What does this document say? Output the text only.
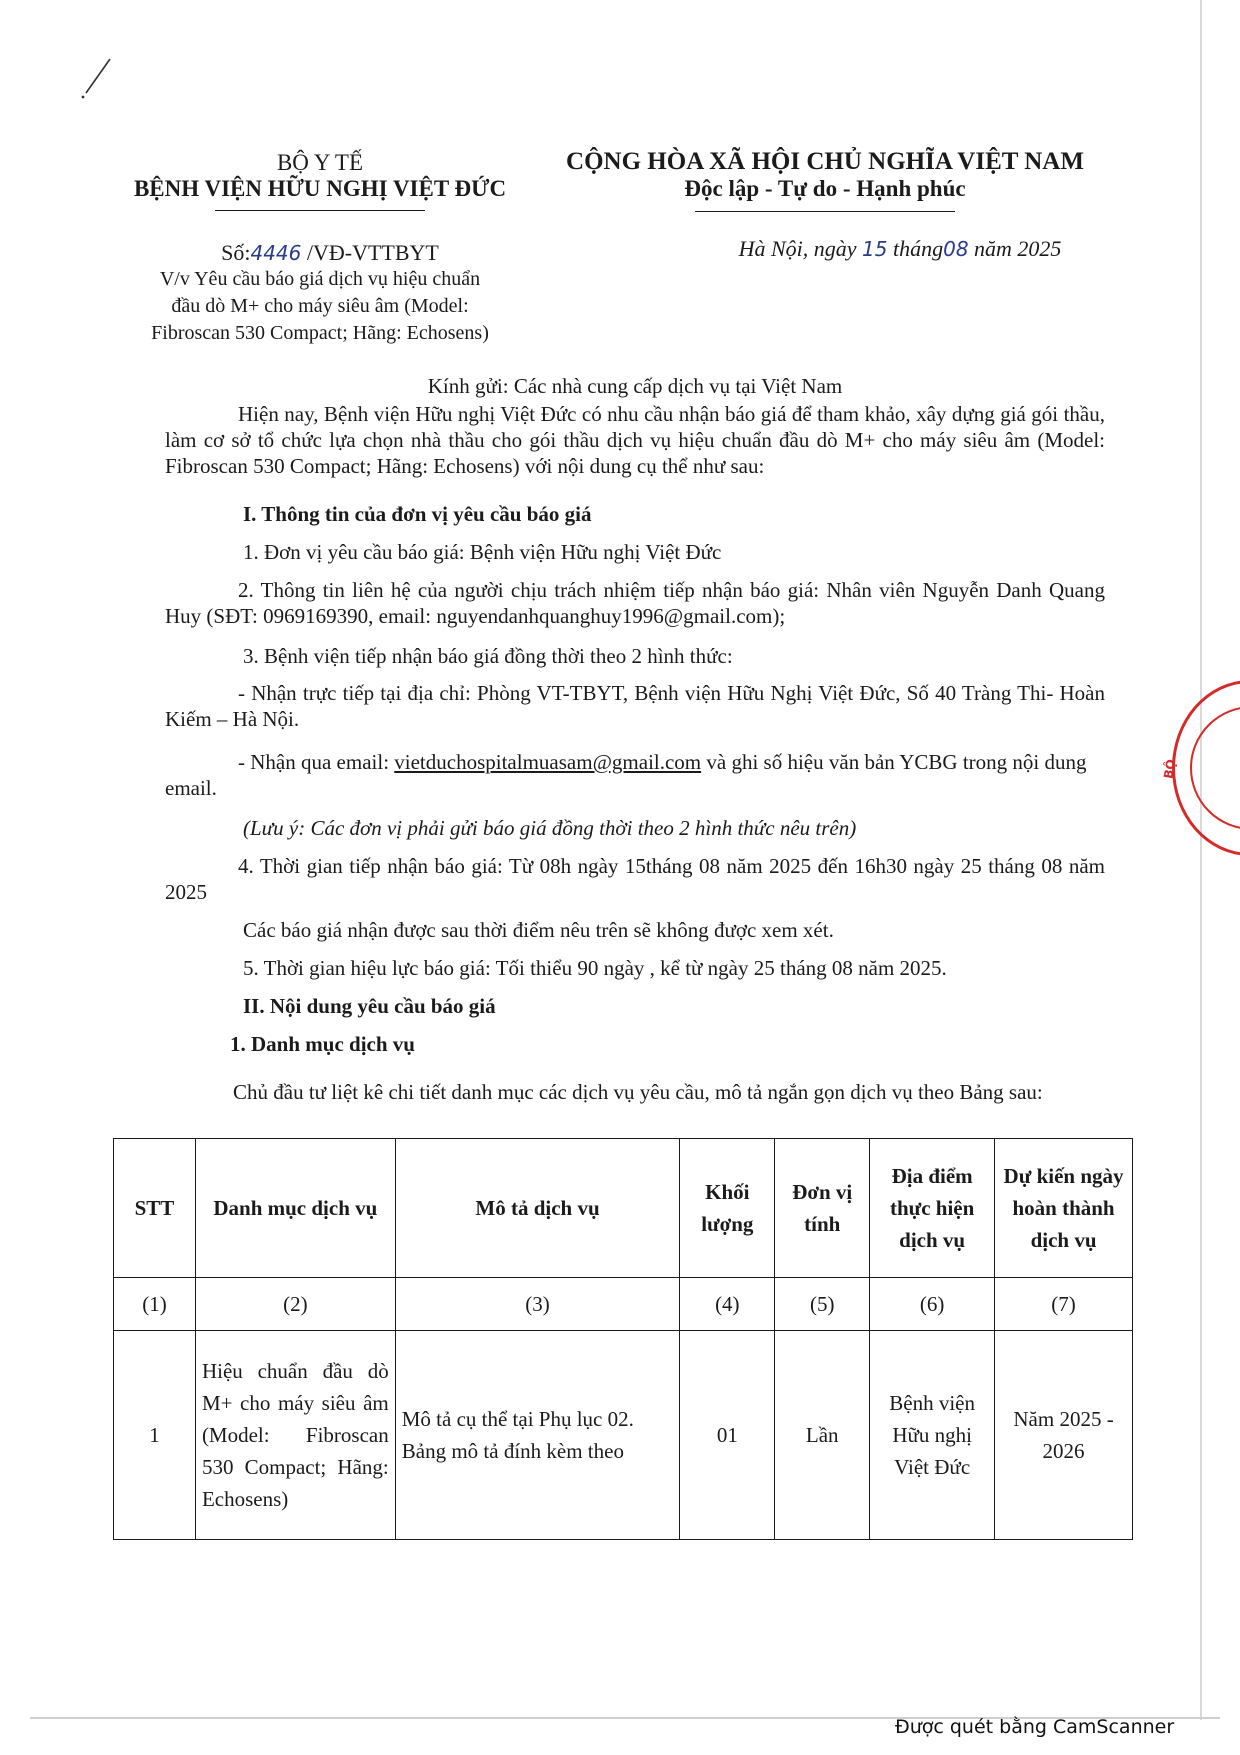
BỘ Y TẾ
BỆNH VIỆN HỮU NGHỊ VIỆT ĐỨC
CỘNG HÒA XÃ HỘI CHỦ NGHĨA VIỆT NAM
Độc lập - Tự do - Hạnh phúc
Số:4446 /VĐ-VTTBYT
V/v Yêu cầu báo giá dịch vụ hiệu chuẩn
đầu dò M+ cho máy siêu âm (Model:
Fibroscan 530 Compact; Hãng: Echosens)
Hà Nội, ngày 15 tháng08 năm 2025
Kính gửi: Các nhà cung cấp dịch vụ tại Việt Nam
Hiện nay, Bệnh viện Hữu nghị Việt Đức có nhu cầu nhận báo giá để tham khảo, xây dựng giá gói thầu, làm cơ sở tổ chức lựa chọn nhà thầu cho gói thầu dịch vụ hiệu chuẩn đầu dò M+ cho máy siêu âm (Model: Fibroscan 530 Compact; Hãng: Echosens) với nội dung cụ thể như sau:
I. Thông tin của đơn vị yêu cầu báo giá
1. Đơn vị yêu cầu báo giá: Bệnh viện Hữu nghị Việt Đức
2. Thông tin liên hệ của người chịu trách nhiệm tiếp nhận báo giá: Nhân viên Nguyễn Danh Quang Huy (SĐT: 0969169390, email: nguyendanhquanghuy1996@gmail.com);
3. Bệnh viện tiếp nhận báo giá đồng thời theo 2 hình thức:
- Nhận trực tiếp tại địa chỉ: Phòng VT-TBYT, Bệnh viện Hữu Nghị Việt Đức, Số 40 Tràng Thi- Hoàn Kiếm – Hà Nội.
- Nhận qua email: vietduchospitalmuasam@gmail.com và ghi số hiệu văn bản YCBG trong nội dung email.
(Lưu ý: Các đơn vị phải gửi báo giá đồng thời theo 2 hình thức nêu trên)
4. Thời gian tiếp nhận báo giá: Từ 08h ngày 15tháng 08 năm 2025 đến 16h30 ngày 25 tháng 08 năm 2025
Các báo giá nhận được sau thời điểm nêu trên sẽ không được xem xét.
5. Thời gian hiệu lực báo giá: Tối thiểu 90 ngày , kể từ ngày 25 tháng 08 năm 2025.
II. Nội dung yêu cầu báo giá
1. Danh mục dịch vụ
Chủ đầu tư liệt kê chi tiết danh mục các dịch vụ yêu cầu, mô tả ngắn gọn dịch vụ theo Bảng sau:
STT	Danh mục dịch vụ	Mô tả dịch vụ	Khối lượng	Đơn vị tính	Địa điểm thực hiện dịch vụ	Dự kiến ngày hoàn thành dịch vụ
(1)	(2)	(3)	(4)	(5)	(6)	(7)
1	Hiệu chuẩn đầu dò M+ cho máy siêu âm (Model: Fibroscan 530 Compact; Hãng: Echosens)	Mô tả cụ thể tại Phụ lục 02. Bảng mô tả đính kèm theo	01	Lần	Bệnh viện Hữu nghị Việt Đức	Năm 2025 - 2026
BỘ
Được quét bằng CamScanner
